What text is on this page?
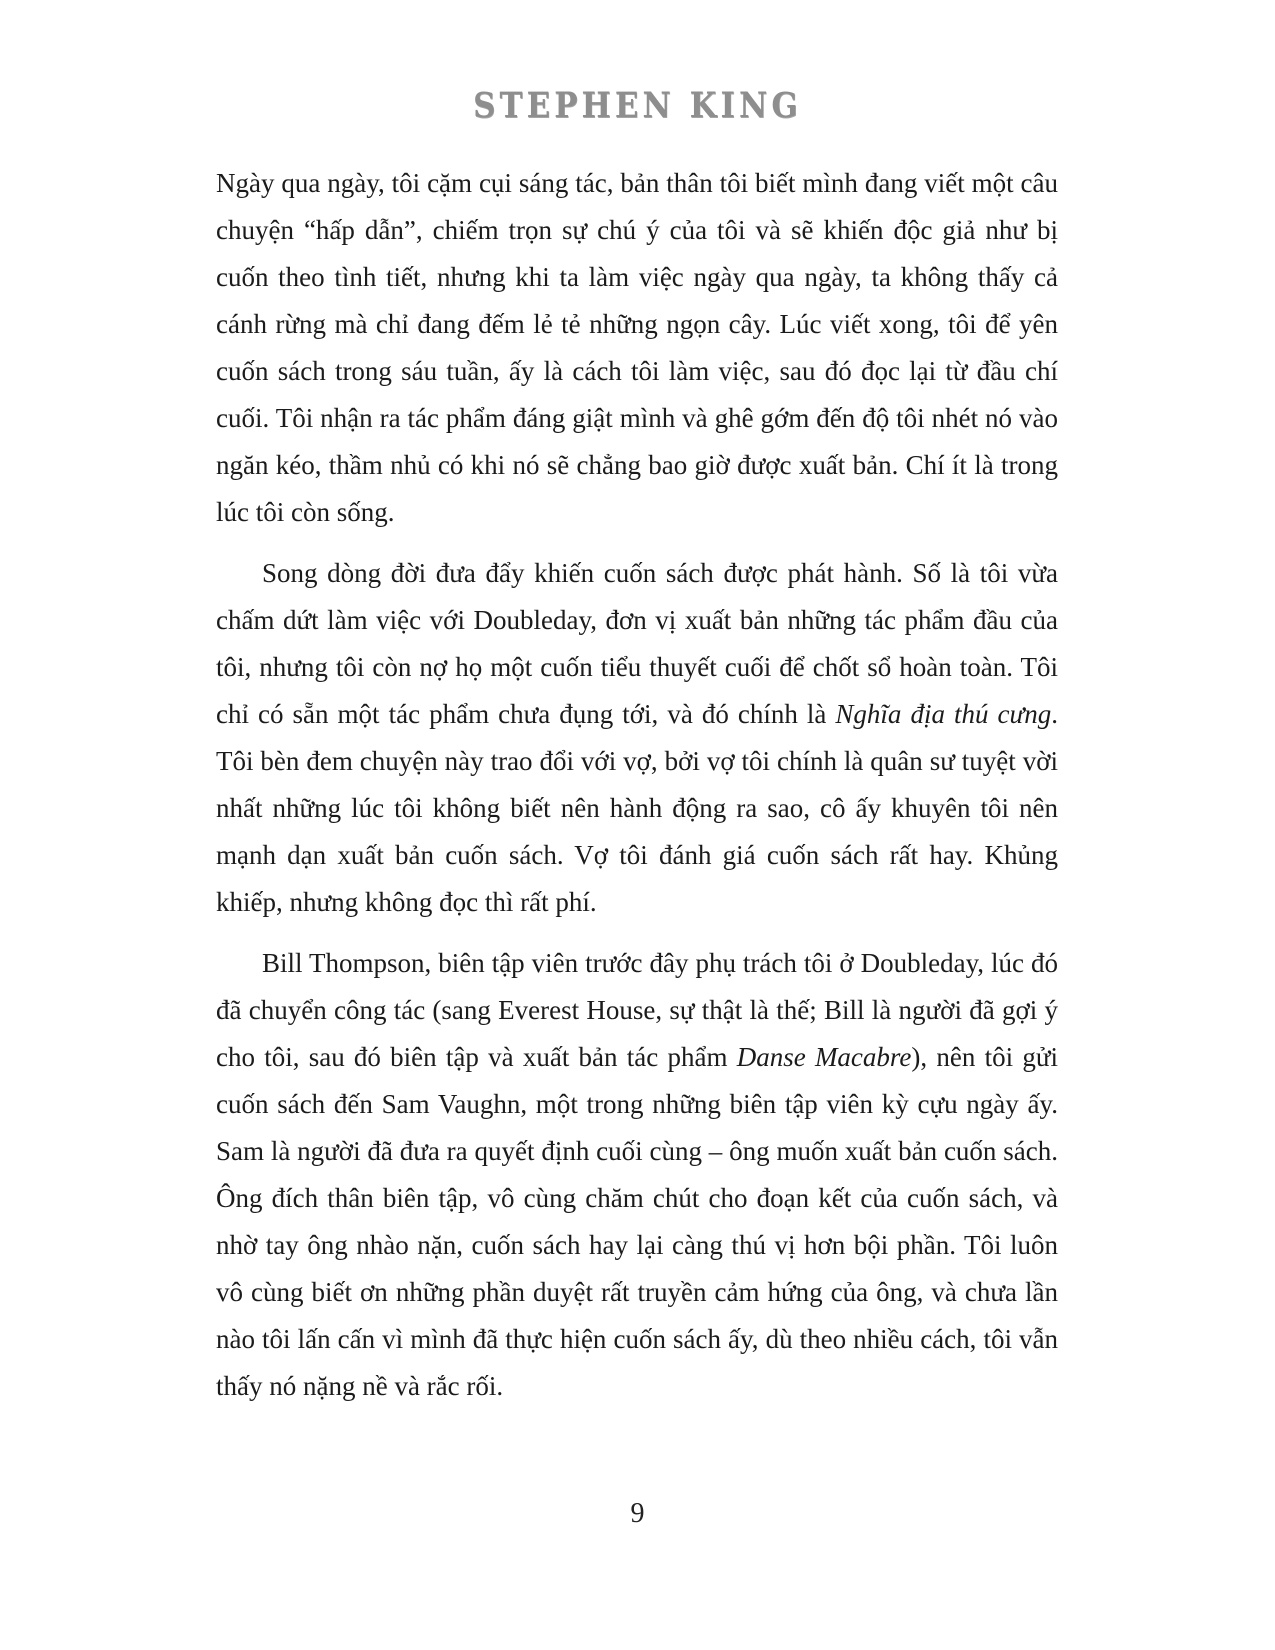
STEPHEN KING

Ngày qua ngày, tôi cặm cụi sáng tác, bản thân tôi biết mình đang viết một câu chuyện “hấp dẫn”, chiếm trọn sự chú ý của tôi và sẽ khiến độc giả như bị cuốn theo tình tiết, nhưng khi ta làm việc ngày qua ngày, ta không thấy cả cánh rừng mà chỉ đang đếm lẻ tẻ những ngọn cây. Lúc viết xong, tôi để yên cuốn sách trong sáu tuần, ấy là cách tôi làm việc, sau đó đọc lại từ đầu chí cuối. Tôi nhận ra tác phẩm đáng giật mình và ghê gớm đến độ tôi nhét nó vào ngăn kéo, thầm nhủ có khi nó sẽ chẳng bao giờ được xuất bản. Chí ít là trong lúc tôi còn sống.

Song dòng đời đưa đẩy khiến cuốn sách được phát hành. Số là tôi vừa chấm dứt làm việc với Doubleday, đơn vị xuất bản những tác phẩm đầu của tôi, nhưng tôi còn nợ họ một cuốn tiểu thuyết cuối để chốt sổ hoàn toàn. Tôi chỉ có sẵn một tác phẩm chưa đụng tới, và đó chính là Nghĩa địa thú cưng. Tôi bèn đem chuyện này trao đổi với vợ, bởi vợ tôi chính là quân sư tuyệt vời nhất những lúc tôi không biết nên hành động ra sao, cô ấy khuyên tôi nên mạnh dạn xuất bản cuốn sách. Vợ tôi đánh giá cuốn sách rất hay. Khủng khiếp, nhưng không đọc thì rất phí.

Bill Thompson, biên tập viên trước đây phụ trách tôi ở Doubleday, lúc đó đã chuyển công tác (sang Everest House, sự thật là thế; Bill là người đã gợi ý cho tôi, sau đó biên tập và xuất bản tác phẩm Danse Macabre), nên tôi gửi cuốn sách đến Sam Vaughn, một trong những biên tập viên kỳ cựu ngày ấy. Sam là người đã đưa ra quyết định cuối cùng – ông muốn xuất bản cuốn sách. Ông đích thân biên tập, vô cùng chăm chút cho đoạn kết của cuốn sách, và nhờ tay ông nhào nặn, cuốn sách hay lại càng thú vị hơn bội phần. Tôi luôn vô cùng biết ơn những phần duyệt rất truyền cảm hứng của ông, và chưa lần nào tôi lấn cấn vì mình đã thực hiện cuốn sách ấy, dù theo nhiều cách, tôi vẫn thấy nó nặng nề và rắc rối.

9
